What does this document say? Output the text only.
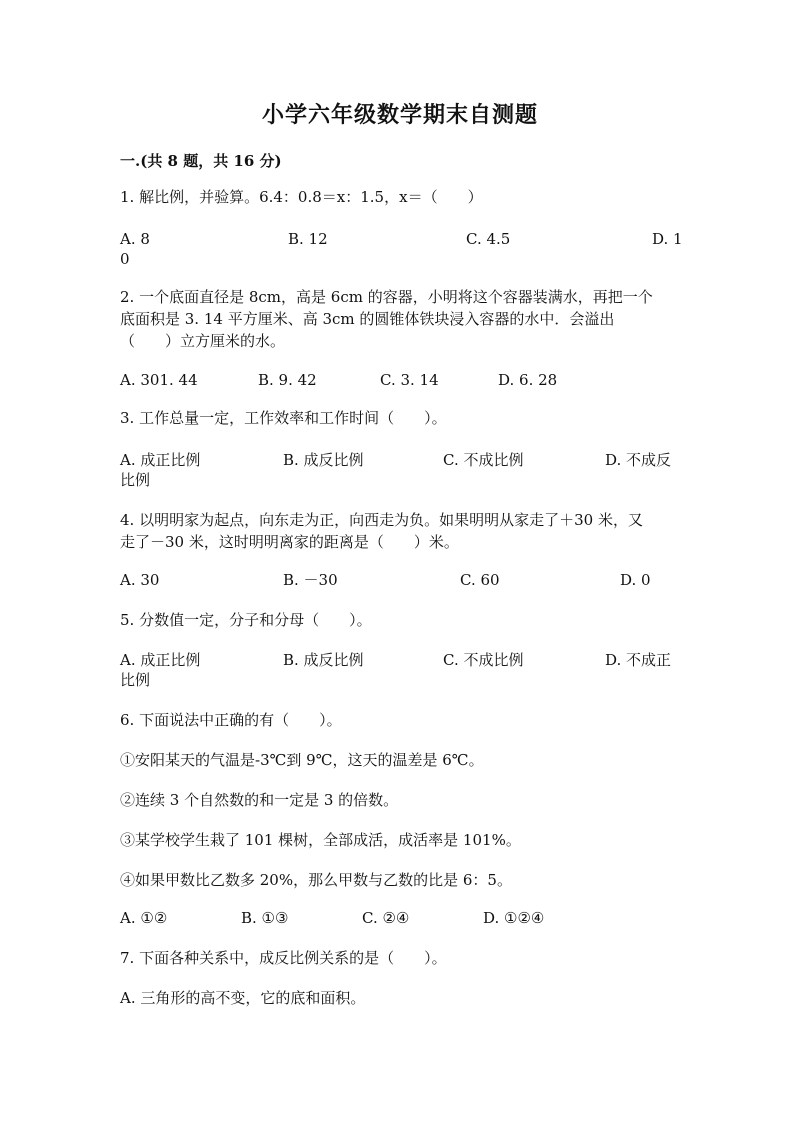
小学六年级数学期末自测题
一.(共 8 题，共 16 分)
1. 解比例，并验算。6.4：0.8＝x：1.5，x＝（　　）
A. 8	B. 12	C. 4.5	D. 1
0
2. 一个底面直径是 8cm，高是 6cm 的容器，小明将这个容器装满水，再把一个
底面积是 3. 14 平方厘米、高 3cm 的圆锥体铁块浸入容器的水中．会溢出
（　　）立方厘米的水。
A. 301. 44	B. 9. 42	C. 3. 14	D. 6. 28
3. 工作总量一定，工作效率和工作时间（　　）。
A. 成正比例	B. 成反比例	C. 不成比例	D. 不成反
比例
4. 以明明家为起点，向东走为正，向西走为负。如果明明从家走了＋30 米，又
走了－30 米，这时明明离家的距离是（　　）米。
A. 30	B. －30	C. 60	D. 0
5. 分数值一定，分子和分母（　　）。
A. 成正比例	B. 成反比例	C. 不成比例	D. 不成正
比例
6. 下面说法中正确的有（　　）。
①安阳某天的气温是-3℃到 9℃，这天的温差是 6℃。
②连续 3 个自然数的和一定是 3 的倍数。
③某学校学生栽了 101 棵树，全部成活，成活率是 101%。
④如果甲数比乙数多 20%，那么甲数与乙数的比是 6：5。
A. ①②	B. ①③	C. ②④	D. ①②④
7. 下面各种关系中，成反比例关系的是（　　）。
A. 三角形的高不变，它的底和面积。
